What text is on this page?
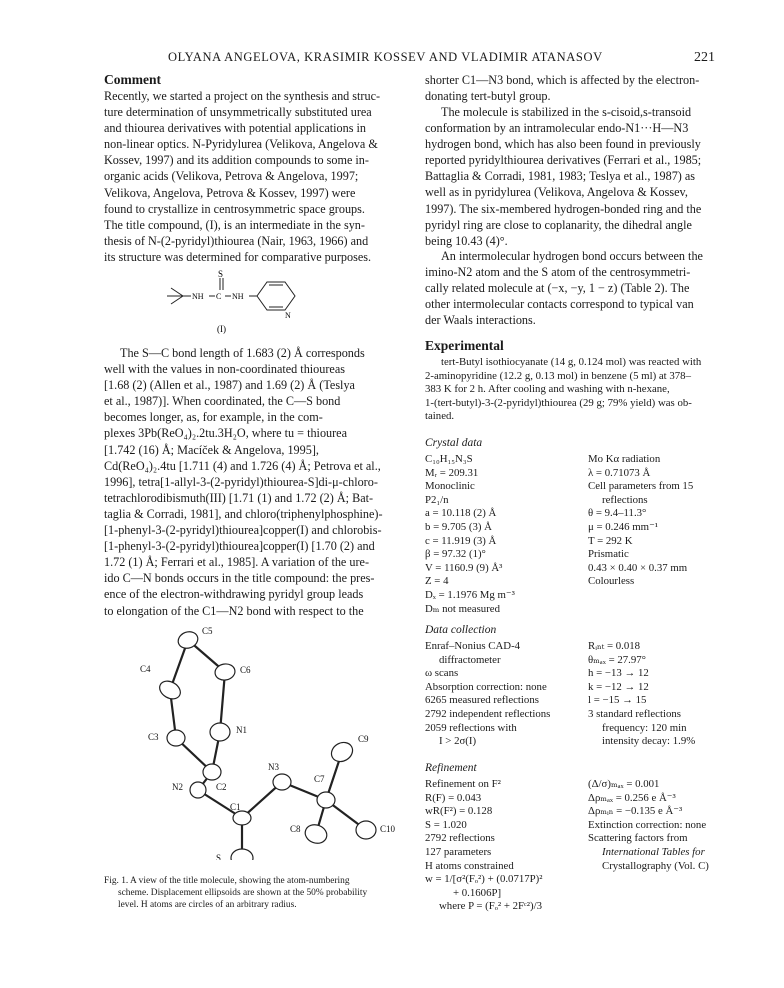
OLYANA ANGELOVA, KRASIMIR KOSSEV AND VLADIMIR ATANASOV	221
Comment
Recently, we started a project on the synthesis and struc-
ture determination of unsymmetrically substituted urea
and thiourea derivatives with potential applications in
non-linear optics. N-Pyridylurea (Velikova, Angelova &
Kossev, 1997) and its addition compounds to some in-
organic acids (Velikova, Petrova & Angelova, 1997;
Velikova, Angelova, Petrova & Kossev, 1997) were
found to crystallize in centrosymmetric space groups.
The title compound, (I), is an intermediate in the syn-
thesis of N-(2-pyridyl)thiourea (Nair, 1963, 1966) and
its structure was determined for comparative purposes.
S
NH C NH
N
(I)
The S—C bond length of 1.683 (2) Å corresponds
well with the values in non-coordinated thioureas
[1.68 (2) (Allen et al., 1987) and 1.69 (2) Å (Teslya
et al., 1987)]. When coordinated, the C—S bond
becomes longer, as, for example, in the com-
plexes 3Pb(ReO₄)₂.2tu.3H₂O, where tu = thiourea
[1.742 (16) Å; Macíček & Angelova, 1995],
Cd(ReO₄)₂.4tu [1.711 (4) and 1.726 (4) Å; Petrova et al.,
1996], tetra[1-allyl-3-(2-pyridyl)thiourea-S]di-μ-chloro-
tetrachlorodibismuth(III) [1.71 (1) and 1.72 (2) Å; Bat-
taglia & Corradi, 1981], and chloro(triphenylphosphine)-
[1-phenyl-3-(2-pyridyl)thiourea]copper(I) and chlorobis-
[1-phenyl-3-(2-pyridyl)thiourea]copper(I) [1.70 (2) and
1.72 (1) Å; Ferrari et al., 1985]. A variation of the ure-
ido C—N bonds occurs in the title compound: the pres-
ence of the electron-withdrawing pyridyl group leads
to elongation of the C1—N2 bond with respect to the
C5
C4	C6
N1
C3
C2
N3
C9
N2
C7
C1
C10
C8
S
Fig. 1. A view of the title molecule, showing the atom-numbering
scheme. Displacement ellipsoids are shown at the 50% probability
level. H atoms are circles of an arbitrary radius.
shorter C1—N3 bond, which is affected by the electron-
donating tert-butyl group.
The molecule is stabilized in the s-cisoid,s-transoid
conformation by an intramolecular endo-N1···H—N3
hydrogen bond, which has also been found in previously
reported pyridylthiourea derivatives (Ferrari et al., 1985;
Battaglia & Corradi, 1981, 1983; Teslya et al., 1987) as
well as in pyridylurea (Velikova, Angelova & Kossev,
1997). The six-membered hydrogen-bonded ring and the
pyridyl ring are close to coplanarity, the dihedral angle
being 10.43 (4)°.
An intermolecular hydrogen bond occurs between the
imino-N2 atom and the S atom of the centrosymmetri-
cally related molecule at (−x, −y, 1 − z) (Table 2). The
other intermolecular contacts correspond to typical van
der Waals interactions.
Experimental
tert-Butyl isothiocyanate (14 g, 0.124 mol) was reacted with
2-aminopyridine (12.2 g, 0.13 mol) in benzene (5 ml) at 378–
383 K for 2 h. After cooling and washing with n-hexane,
1-(tert-butyl)-3-(2-pyridyl)thiourea (29 g; 79% yield) was ob-
tained.
Crystal data
C₁₀H₁₅N₃S
Mᵣ = 209.31
Monoclinic
P2₁/n
a = 10.118 (2) Å
b = 9.705 (3) Å
c = 11.919 (3) Å
β = 97.32 (1)°
V = 1160.9 (9) Å³
Z = 4
Dₓ = 1.1976 Mg m⁻³
Dₘ not measured
Mo Kα radiation
λ = 0.71073 Å
Cell parameters from 15
reflections
θ = 9.4–11.3°
μ = 0.246 mm⁻¹
T = 292 K
Prismatic
0.43 × 0.40 × 0.37 mm
Colourless
Data collection
Enraf–Nonius CAD-4
diffractometer
ω scans
Absorption correction: none
6265 measured reflections
2792 independent reflections
2059 reflections with
I > 2σ(I)
Rᵢₙₜ = 0.018
θₘₐₓ = 27.97°
h = −13 → 12
k = −12 → 12
l = −15 → 15
3 standard reflections
frequency: 120 min
intensity decay: 1.9%
Refinement
Refinement on F²
R(F) = 0.043
wR(F²) = 0.128
S = 1.020
2792 reflections
127 parameters
H atoms constrained
w = 1/[σ²(Fₒ²) + (0.0717P)²
+ 0.1606P]
where P = (Fₒ² + 2Fᶜ²)/3
(Δ/σ)ₘₐₓ = 0.001
Δρₘₐₓ = 0.256 e Å⁻³
Δρₘᵢₙ = −0.135 e Å⁻³
Extinction correction: none
Scattering factors from
International Tables for
Crystallography (Vol. C)
